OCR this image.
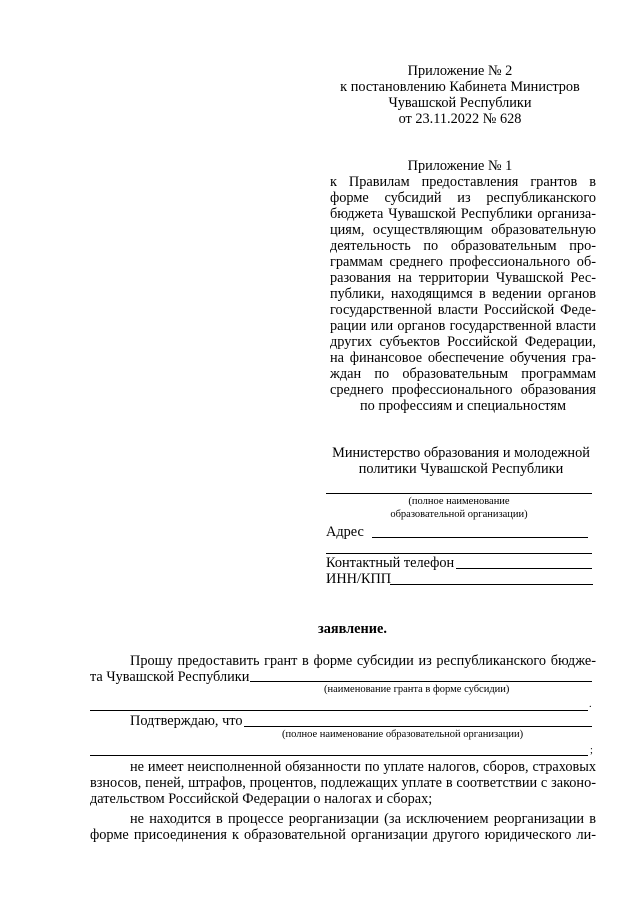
Приложение № 2
к постановлению Кабинета Министров
Чувашской Республики
от 23.11.2022 № 628
Приложение № 1
к Правилам предоставления грантов в
форме субсидий из республиканского
бюджета Чувашской Республики организа-
циям, осуществляющим образовательную
деятельность по образовательным про-
граммам среднего профессионального об-
разования на территории Чувашской Рес-
публики, находящимся в ведении органов
государственной власти Российской Феде-
рации или органов государственной власти
других субъектов Российской Федерации,
на финансовое обеспечение обучения гра-
ждан по образовательным программам
среднего профессионального образования
по профессиям и специальностям
Министерство образования и молодежной
политики Чувашской Республики
(полное наименование
образовательной организации)
Адрес
Контактный телефон
ИНН/КПП
заявление.
Прошу предоставить грант в форме субсидии из республиканского бюдже-
та Чувашской Республики
(наименование гранта в форме субсидии)
.
Подтверждаю, что
(полное наименование образовательной организации)
;
не имеет неисполненной обязанности по уплате налогов, сборов, страховых
взносов, пеней, штрафов, процентов, подлежащих уплате в соответствии с законо-
дательством Российской Федерации о налогах и сборах;
не находится в процессе реорганизации (за исключением реорганизации в
форме присоединения к образовательной организации другого юридического ли-
